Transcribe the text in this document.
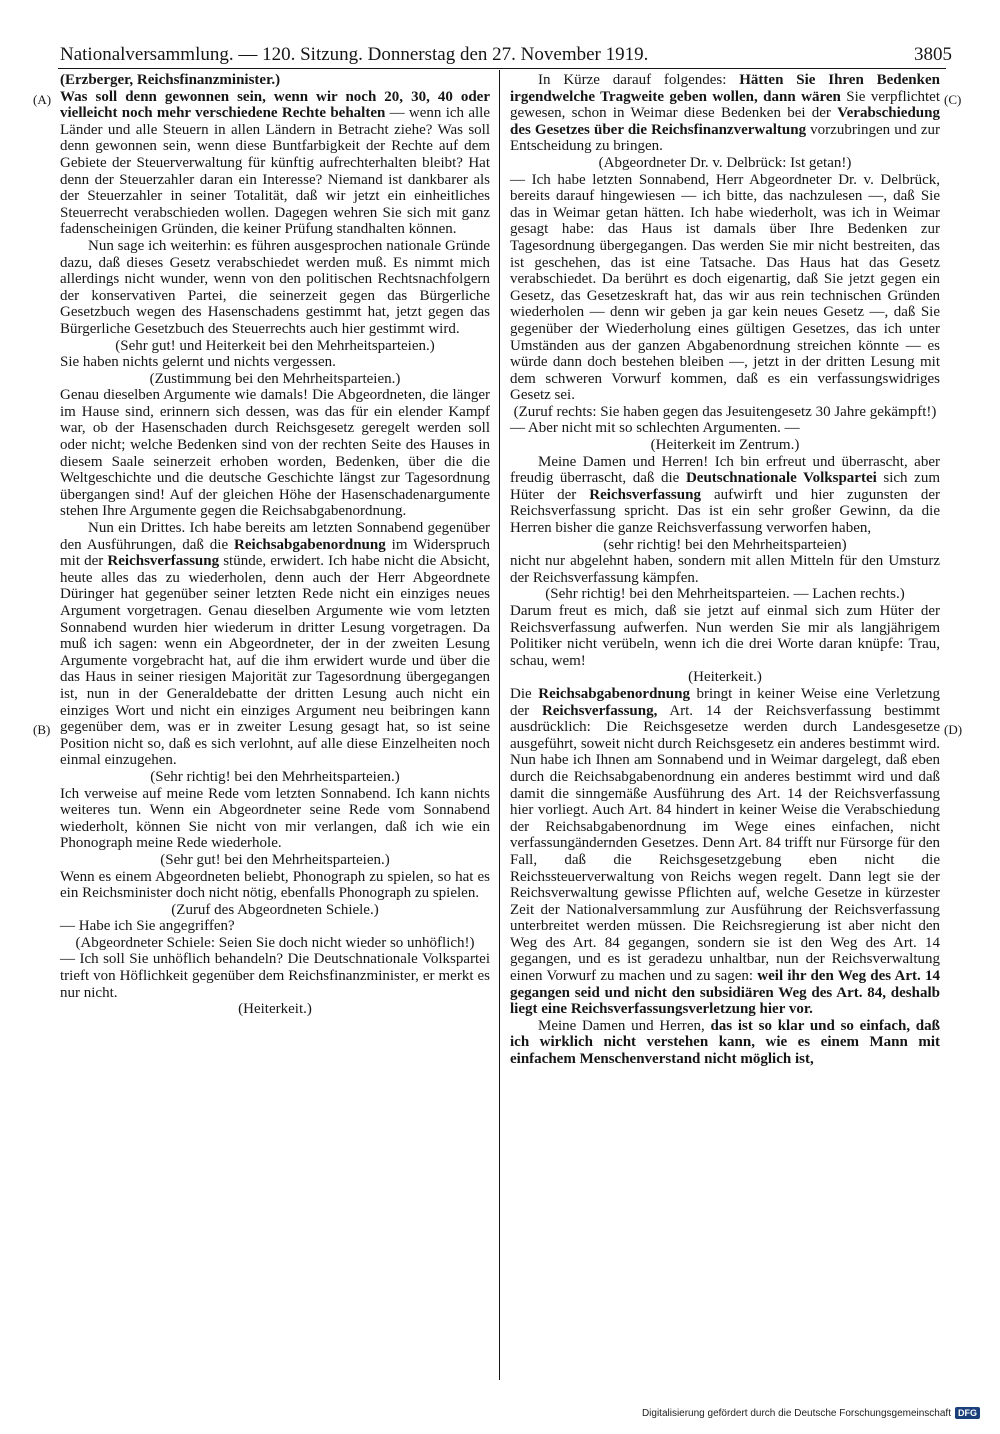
Nationalversammlung. — 120. Sitzung. Donnerstag den 27. November 1919.	3805
(A)
(B)
(C)
(D)

(Erzberger, Reichsfinanzminister.)

Was soll denn gewonnen sein, wenn wir noch 20, 30, 40 oder vielleicht noch mehr verschiedene Rechte behalten — wenn ich alle Länder und alle Steuern in allen Ländern in Betracht ziehe? Was soll denn gewonnen sein, wenn diese Buntfarbigkeit der Rechte auf dem Gebiete der Steuerverwaltung für künftig aufrechterhalten bleibt? Hat denn der Steuerzahler daran ein Interesse? Niemand ist dankbarer als der Steuerzahler in seiner Totalität, daß wir jetzt ein einheitliches Steuerrecht verabschieden wollen. Dagegen wehren Sie sich mit ganz fadenscheinigen Gründen, die keiner Prüfung standhalten können.

Nun sage ich weiterhin: es führen ausgesprochen nationale Gründe dazu, daß dieses Gesetz verabschiedet werden muß. Es nimmt mich allerdings nicht wunder, wenn von den politischen Rechtsnachfolgern der konservativen Partei, die seinerzeit gegen das Bürgerliche Gesetzbuch wegen des Hasenschadens gestimmt hat, jetzt gegen das Bürgerliche Gesetzbuch des Steuerrechts auch hier gestimmt wird.

(Sehr gut! und Heiterkeit bei den Mehrheitsparteien.)

Sie haben nichts gelernt und nichts vergessen.

(Zustimmung bei den Mehrheitsparteien.)

Genau dieselben Argumente wie damals! Die Abgeordneten, die länger im Hause sind, erinnern sich dessen, was das für ein elender Kampf war, ob der Hasenschaden durch Reichsgesetz geregelt werden soll oder nicht; welche Bedenken sind von der rechten Seite des Hauses in diesem Saale seinerzeit erhoben worden, Bedenken, über die die Weltgeschichte und die deutsche Geschichte längst zur Tagesordnung übergangen sind! Auf der gleichen Höhe der Hasenschadenargumente stehen Ihre Argumente gegen die Reichsabgabenordnung.

Nun ein Drittes. Ich habe bereits am letzten Sonnabend gegenüber den Ausführungen, daß die Reichsabgabenordnung im Widerspruch mit der Reichsverfassung stünde, erwidert. Ich habe nicht die Absicht, heute alles das zu wiederholen, denn auch der Herr Abgeordnete Düringer hat gegenüber seiner letzten Rede nicht ein einziges neues Argument vorgetragen. Genau dieselben Argumente wie vom letzten Sonnabend wurden hier wiederum in dritter Lesung vorgetragen. Da muß ich sagen: wenn ein Abgeordneter, der in der zweiten Lesung Argumente vorgebracht hat, auf die ihm erwidert wurde und über die das Haus in seiner riesigen Majorität zur Tagesordnung übergegangen ist, nun in der Generaldebatte der dritten Lesung auch nicht ein einziges Wort und nicht ein einziges Argument neu beibringen kann gegenüber dem, was er in zweiter Lesung gesagt hat, so ist seine Position nicht so, daß es sich verlohnt, auf alle diese Einzelheiten noch einmal einzugehen.

(Sehr richtig! bei den Mehrheitsparteien.)

Ich verweise auf meine Rede vom letzten Sonnabend. Ich kann nichts weiteres tun. Wenn ein Abgeordneter seine Rede vom Sonnabend wiederholt, können Sie nicht von mir verlangen, daß ich wie ein Phonograph meine Rede wiederhole.

(Sehr gut! bei den Mehrheitsparteien.)

Wenn es einem Abgeordneten beliebt, Phonograph zu spielen, so hat es ein Reichsminister doch nicht nötig, ebenfalls Phonograph zu spielen.

(Zuruf des Abgeordneten Schiele.)

— Habe ich Sie angegriffen?

(Abgeordneter Schiele: Seien Sie doch nicht wieder so unhöflich!)

— Ich soll Sie unhöflich behandeln? Die Deutschnationale Volkspartei trieft von Höflichkeit gegenüber dem Reichsfinanzminister, er merkt es nur nicht.

(Heiterkeit.)

In Kürze darauf folgendes: Hätten Sie Ihren Bedenken irgendwelche Tragweite geben wollen, dann wären Sie verpflichtet gewesen, schon in Weimar diese Bedenken bei der Verabschiedung des Gesetzes über die Reichsfinanzverwaltung vorzubringen und zur Entscheidung zu bringen.

(Abgeordneter Dr. v. Delbrück: Ist getan!)

— Ich habe letzten Sonnabend, Herr Abgeordneter Dr. v. Delbrück, bereits darauf hingewiesen — ich bitte, das nachzulesen —, daß Sie das in Weimar getan hätten. Ich habe wiederholt, was ich in Weimar gesagt habe: das Haus ist damals über Ihre Bedenken zur Tagesordnung übergegangen. Das werden Sie mir nicht bestreiten, das ist geschehen, das ist eine Tatsache. Das Haus hat das Gesetz verabschiedet. Da berührt es doch eigenartig, daß Sie jetzt gegen ein Gesetz, das Gesetzeskraft hat, das wir aus rein technischen Gründen wiederholen — denn wir geben ja gar kein neues Gesetz —, daß Sie gegenüber der Wiederholung eines gültigen Gesetzes, das ich unter Umständen aus der ganzen Abgabenordnung streichen könnte — es würde dann doch bestehen bleiben —, jetzt in der dritten Lesung mit dem schweren Vorwurf kommen, daß es ein verfassungswidriges Gesetz sei.

(Zuruf rechts: Sie haben gegen das Jesuitengesetz 30 Jahre gekämpft!)

— Aber nicht mit so schlechten Argumenten. —

(Heiterkeit im Zentrum.)

Meine Damen und Herren! Ich bin erfreut und überrascht, aber freudig überrascht, daß die Deutschnationale Volkspartei sich zum Hüter der Reichsverfassung aufwirft und hier zugunsten der Reichsverfassung spricht. Das ist ein sehr großer Gewinn, da die Herren bisher die ganze Reichsverfassung verworfen haben,

(sehr richtig! bei den Mehrheitsparteien)

nicht nur abgelehnt haben, sondern mit allen Mitteln für den Umsturz der Reichsverfassung kämpfen.

(Sehr richtig! bei den Mehrheitsparteien. — Lachen rechts.)

Darum freut es mich, daß sie jetzt auf einmal sich zum Hüter der Reichsverfassung aufwerfen. Nun werden Sie mir als langjährigem Politiker nicht verübeln, wenn ich die drei Worte daran knüpfe: Trau, schau, wem!

(Heiterkeit.)

Die Reichsabgabenordnung bringt in keiner Weise eine Verletzung der Reichsverfassung, Art. 14 der Reichsverfassung bestimmt ausdrücklich: Die Reichsgesetze werden durch Landesgesetze ausgeführt, soweit nicht durch Reichsgesetz ein anderes bestimmt wird. Nun habe ich Ihnen am Sonnabend und in Weimar dargelegt, daß eben durch die Reichsabgabenordnung ein anderes bestimmt wird und daß damit die sinngemäße Ausführung des Art. 14 der Reichsverfassung hier vorliegt. Auch Art. 84 hindert in keiner Weise die Verabschiedung der Reichsabgabenordnung im Wege eines einfachen, nicht verfassungändernden Gesetzes. Denn Art. 84 trifft nur Fürsorge für den Fall, daß die Reichsgesetzgebung eben nicht die Reichssteuerverwaltung von Reichs wegen regelt. Dann legt sie der Reichsverwaltung gewisse Pflichten auf, welche Gesetze in kürzester Zeit der Nationalversammlung zur Ausführung der Reichsverfassung unterbreitet werden müssen. Die Reichsregierung ist aber nicht den Weg des Art. 84 gegangen, sondern sie ist den Weg des Art. 14 gegangen, und es ist geradezu unhaltbar, nun der Reichsverwaltung einen Vorwurf zu machen und zu sagen: weil ihr den Weg des Art. 14 gegangen seid und nicht den subsidiären Weg des Art. 84, deshalb liegt eine Reichsverfassungsverletzung hier vor.

Meine Damen und Herren, das ist so klar und so einfach, daß ich wirklich nicht verstehen kann, wie es einem Mann mit einfachem Menschenverstand nicht möglich ist,

Digitalisierung gefördert durch die Deutsche Forschungsgemeinschaft DFG
